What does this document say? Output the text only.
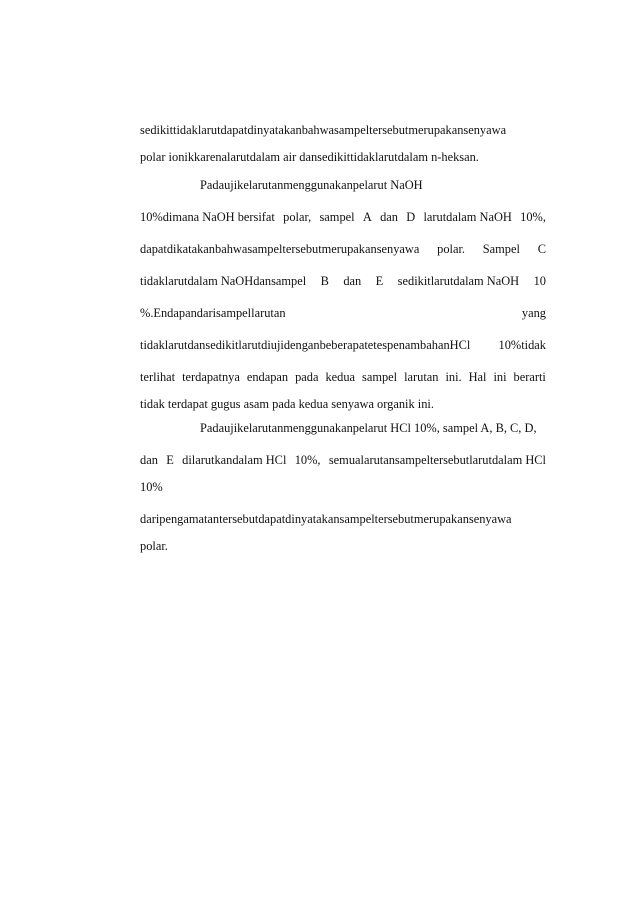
sedikittidaklarutdapatdinyatakanbahwasampeltersebutmerupakansenyawa
polar ionikkarenalarutdalam air dansedikittidaklarutdalam n-heksan.
Padaujikelarutanmenggunakanpelarut NaOH
10%dimana NaOH bersifat polar, sampel A dan D larutdalam NaOH 10%,
dapatdikatakanbahwasampeltersebutmerupakansenyawa polar. Sampel C
tidaklarutdalam NaOHdansampel B dan E sedikitlarutdalam NaOH 10
%.Endapandarisampellarutan	yang
tidaklarutdansedikitlarutdiujidenganbeberapatetespenambahanHCl 10%tidak
terlihat terdapatnya endapan pada kedua sampel larutan ini. Hal ini berarti
tidak terdapat gugus asam pada kedua senyawa organik ini.
Padaujikelarutanmenggunakanpelarut HCl 10%, sampel A, B, C, D,
dan E dilarutkandalam HCl 10%, semualarutansampeltersebutlarutdalam HCl
10%
daripengamatantersebutdapatdinyatakansampeltersebutmerupakansenyawa
polar.
